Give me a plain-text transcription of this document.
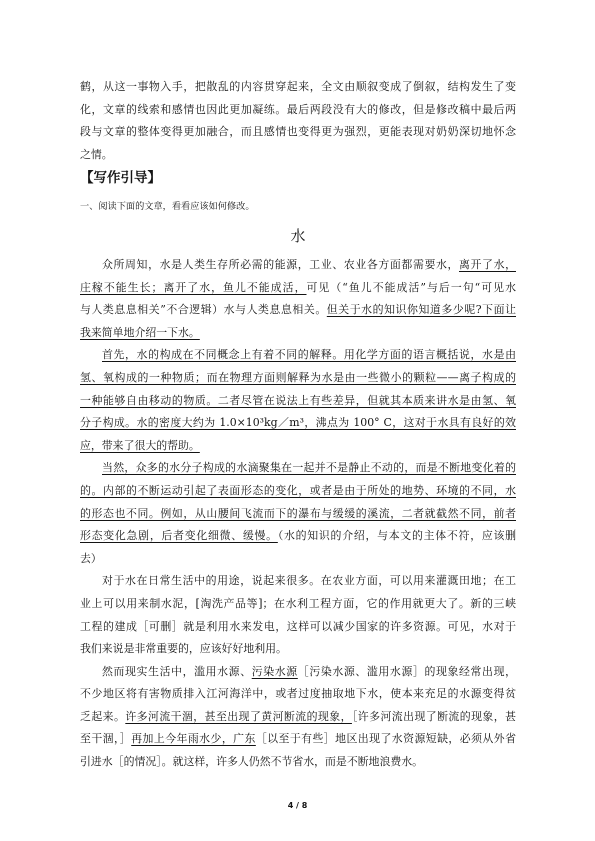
鹤，从这一事物入手，把散乱的内容贯穿起来，全文由顺叙变成了倒叙，结构发生了变
化，文章的线索和感情也因此更加凝练。最后两段没有大的修改，但是修改稿中最后两
段与文章的整体变得更加融合，而且感情也变得更为强烈，更能表现对奶奶深切地怀念
之情。
【写作引导】
一、阅读下面的文章，看看应该如何修改。
水
众所周知，水是人类生存所必需的能源，工业、农业各方面都需要水，离开了水，
庄稼不能生长；离开了水，鱼儿不能成活，可见（“鱼儿不能成活”与后一句“可见水
与人类息息相关”不合逻辑）水与人类息息相关。但关于水的知识你知道多少呢?下面让
我来简单地介绍一下水。
首先，水的构成在不同概念上有着不同的解释。用化学方面的语言概括说，水是由
氢、氧构成的一种物质；而在物理方面则解释为水是由一些微小的颗粒——离子构成的
一种能够自由移动的物质。二者尽管在说法上有些差异，但就其本质来讲水是由氢、氧
分子构成。水的密度大约为 1.0×10³kg／m³，沸点为 100° C，这对于水具有良好的效
应，带来了很大的帮助。
当然，众多的水分子构成的水滴聚集在一起并不是静止不动的，而是不断地变化着的
的。内部的不断运动引起了表面形态的变化，或者是由于所处的地势、环境的不同，水
的形态也不同。例如，从山腰间飞流而下的瀑布与缓缓的溪流，二者就截然不同，前者
形态变化急剧，后者变化细微、缓慢。（水的知识的介绍，与本文的主体不符，应该删
去）
对于水在日常生活中的用途，说起来很多。在农业方面，可以用来灌溉田地；在工
业上可以用来制水泥，[淘洗产品等]；在水利工程方面，它的作用就更大了。新的三峡
工程的建成［可删］就是利用水来发电，这样可以减少国家的许多资源。可见，水对于
我们来说是非常重要的，应该好好地利用。
然而现实生活中，滥用水源、污染水源［污染水源、滥用水源］的现象经常出现，
不少地区将有害物质排入江河海洋中，或者过度抽取地下水，使本来充足的水源变得贫
乏起来。许多河流干涸，甚至出现了黄河断流的现象，［许多河流出现了断流的现象，甚
至干涸，］再加上今年雨水少，广东［以至于有些］地区出现了水资源短缺，必须从外省
引进水［的情况］。就这样，许多人仍然不节省水，而是不断地浪费水。
4 / 8
